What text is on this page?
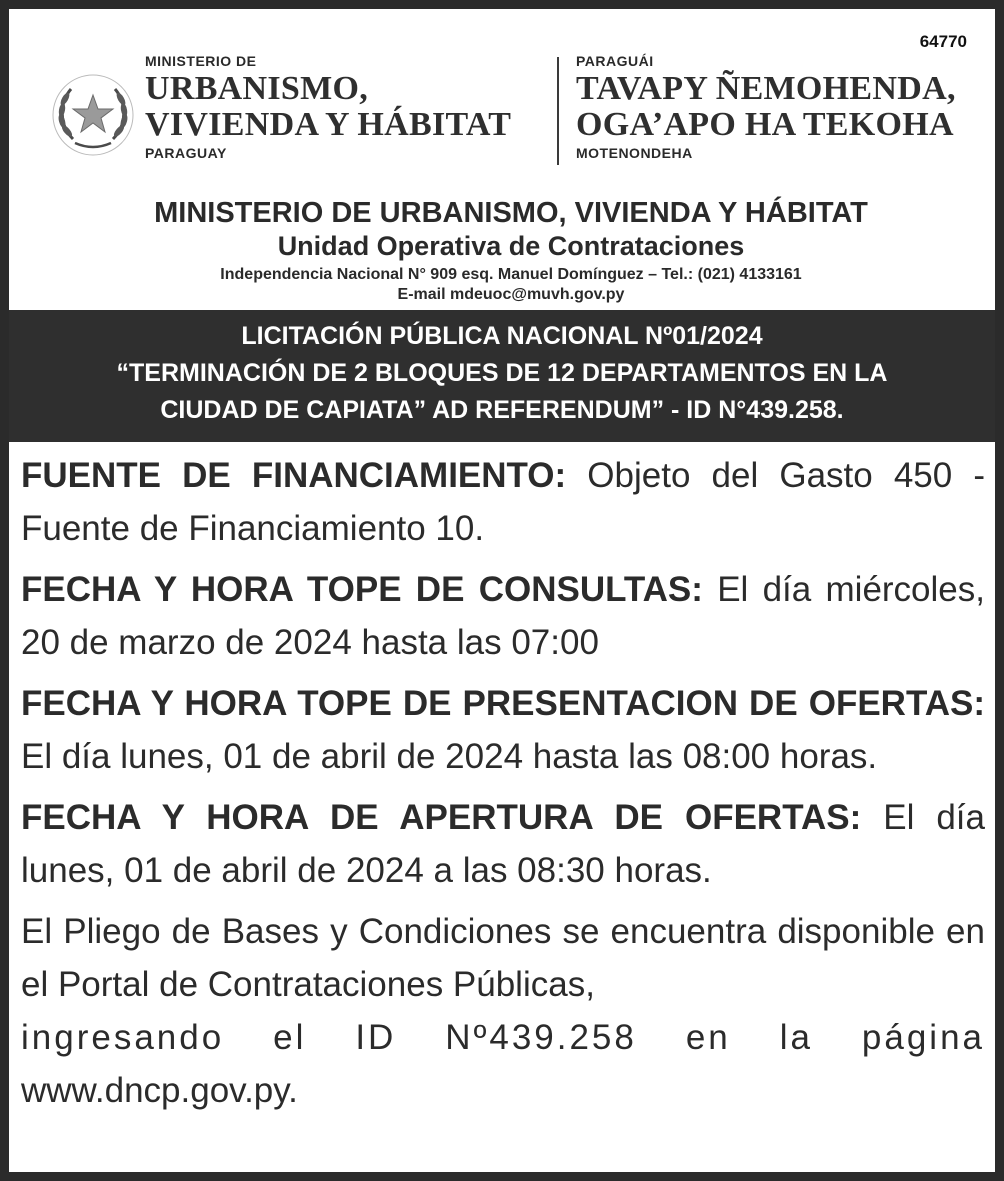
64770
MINISTERIO DE
URBANISMO,
VIVIENDA Y HÁBITAT
PARAGUAY
PARAGUÁI
TAVAPY ÑEMOHENDA,
OGA’APO HA TEKOHA
MOTENONDEHA
MINISTERIO DE URBANISMO, VIVIENDA Y HÁBITAT
Unidad Operativa de Contrataciones
Independencia Nacional N° 909 esq. Manuel Domínguez – Tel.: (021) 4133161
E-mail mdeuoc@muvh.gov.py
LICITACIÓN PÚBLICA NACIONAL Nº01/2024
“TERMINACIÓN DE 2 BLOQUES DE 12 DEPARTAMENTOS EN LA
CIUDAD DE CAPIATA” AD REFERENDUM” - ID N°439.258.

FUENTE DE FINANCIAMIENTO: Objeto del Gasto 450 - Fuente de Financiamiento 10.

FECHA Y HORA TOPE DE CONSULTAS: El día miércoles, 20 de marzo de 2024 hasta las 07:00

FECHA Y HORA TOPE DE PRESENTACION DE OFERTAS: El día lunes, 01 de abril de 2024 hasta las 08:00 horas.

FECHA Y HORA DE APERTURA DE OFERTAS: El día lunes, 01 de abril de 2024 a las 08:30 horas.

El Pliego de Bases y Condiciones se encuentra disponible en el Portal de Contrataciones Públicas,

ingresando el ID Nº439.258 en la página

www.dncp.gov.py.
